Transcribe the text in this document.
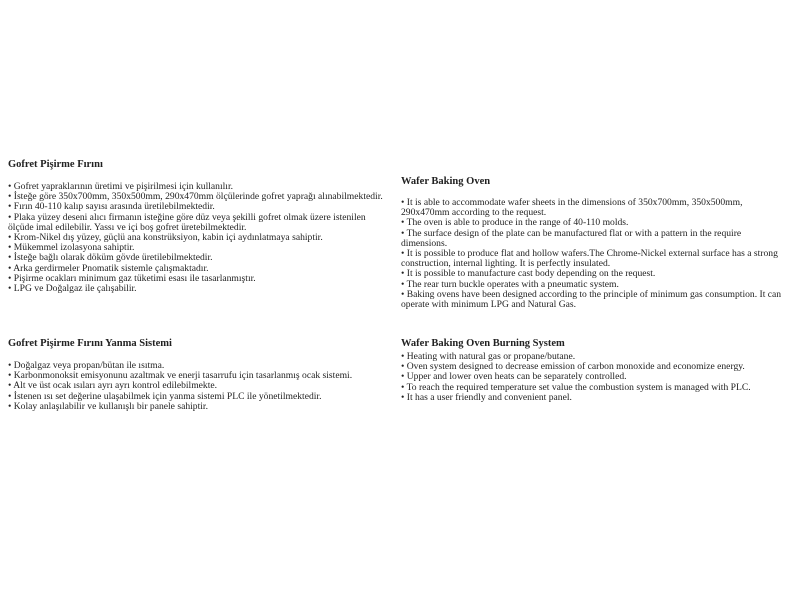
Gofret Pişirme Fırını
• Gofret yapraklarının üretimi ve pişirilmesi için kullanılır.
• İsteğe göre 350x700mm, 350x500mm, 290x470mm ölçülerinde gofret yaprağı alınabilmektedir.
• Fırın 40-110 kalıp sayısı arasında üretilebilmektedir.
• Plaka yüzey deseni alıcı firmanın isteğine göre düz veya şekilli gofret olmak üzere istenilen ölçüde imal edilebilir. Yassı ve içi boş gofret üretebilmektedir.
• Krom-Nikel dış yüzey, güçlü ana konstrüksiyon, kabin içi aydınlatmaya sahiptir.
• Mükemmel izolasyona sahiptir.
• İsteğe bağlı olarak döküm gövde üretilebilmektedir.
• Arka gerdirmeler Pnomatik sistemle çalışmaktadır.
• Pişirme ocakları minimum gaz tüketimi esası ile tasarlanmıştır.
• LPG ve Doğalgaz ile çalışabilir.
Gofret Pişirme Fırını Yanma Sistemi
• Doğalgaz veya propan/bütan ile ısıtma.
• Karbonmonoksit emisyonunu azaltmak ve enerji tasarrufu için tasarlanmış ocak sistemi.
• Alt ve üst ocak ısıları ayrı ayrı kontrol edilebilmekte.
• İstenen ısı set değerine ulaşabilmek için yanma sistemi PLC ile yönetilmektedir.
• Kolay anlaşılabilir ve kullanışlı bir panele sahiptir.
Wafer Baking Oven
• It is able to accommodate wafer sheets in the dimensions of 350x700mm, 350x500mm, 290x470mm according to the request.
• The oven is able to produce in the range of 40-110 molds.
• The surface design of the plate can be manufactured flat or with a pattern in the require dimensions.
• It is possible to produce flat and hollow wafers.The Chrome-Nickel external surface has a strong construction, internal lighting. It is perfectly insulated.
• It is possible to manufacture cast body depending on the request.
• The rear turn buckle operates with a pneumatic system.
• Baking ovens have been designed according to the principle of minimum gas consumption. It can operate with minimum LPG and Natural Gas.
Wafer Baking Oven Burning System
• Heating with natural gas or propane/butane.
• Oven system designed to decrease emission of carbon monoxide and economize energy.
• Upper and lower oven heats can be separately controlled.
• To reach the required temperature set value the combustion system is managed with PLC.
• It has a user friendly and convenient panel.
